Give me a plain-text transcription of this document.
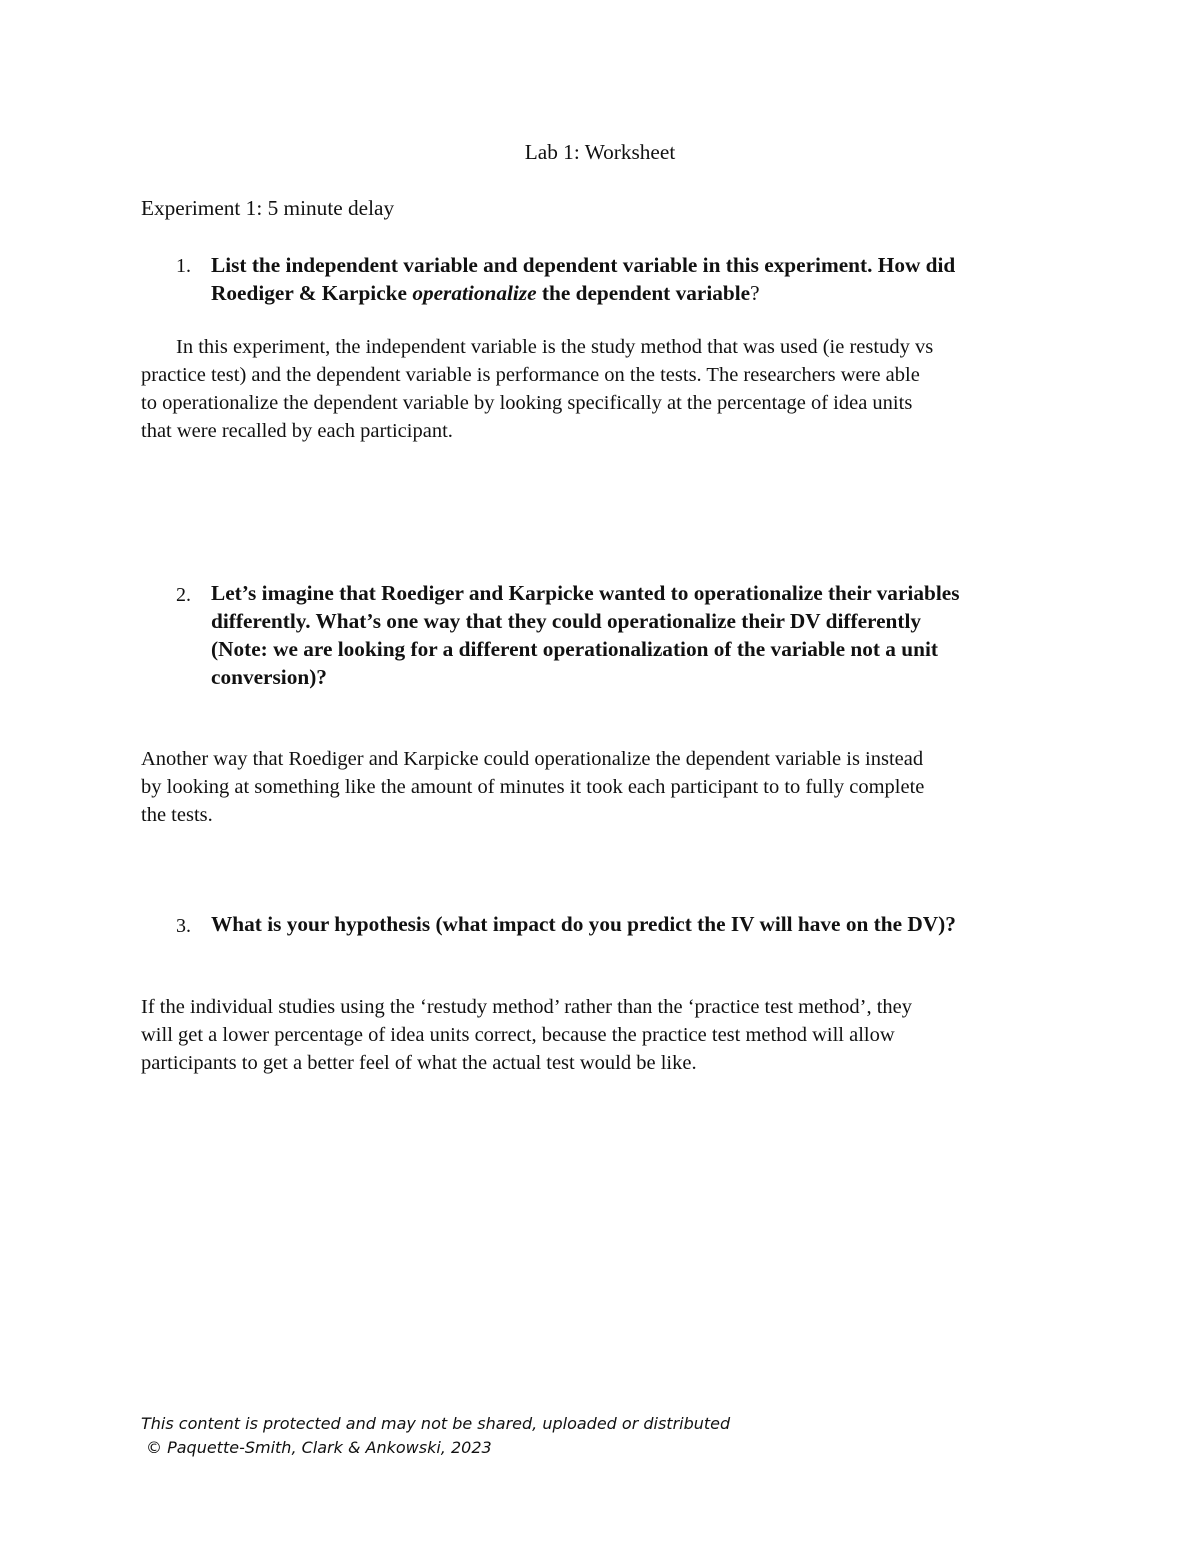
Lab 1: Worksheet
Experiment 1: 5 minute delay
1. List the independent variable and dependent variable in this experiment. How did
Roediger & Karpicke operationalize the dependent variable?
In this experiment, the independent variable is the study method that was used (ie restudy vs
practice test) and the dependent variable is performance on the tests. The researchers were able
to operationalize the dependent variable by looking specifically at the percentage of idea units
that were recalled by each participant.
2. Let’s imagine that Roediger and Karpicke wanted to operationalize their variables
differently. What’s one way that they could operationalize their DV differently
(Note: we are looking for a different operationalization of the variable not a unit
conversion)?
Another way that Roediger and Karpicke could operationalize the dependent variable is instead
by looking at something like the amount of minutes it took each participant to to fully complete
the tests.
3. What is your hypothesis (what impact do you predict the IV will have on the DV)?
If the individual studies using the ‘restudy method’ rather than the ‘practice test method’, they
will get a lower percentage of idea units correct, because the practice test method will allow
participants to get a better feel of what the actual test would be like.
This content is protected and may not be shared, uploaded or distributed
© Paquette-Smith, Clark & Ankowski, 2023
